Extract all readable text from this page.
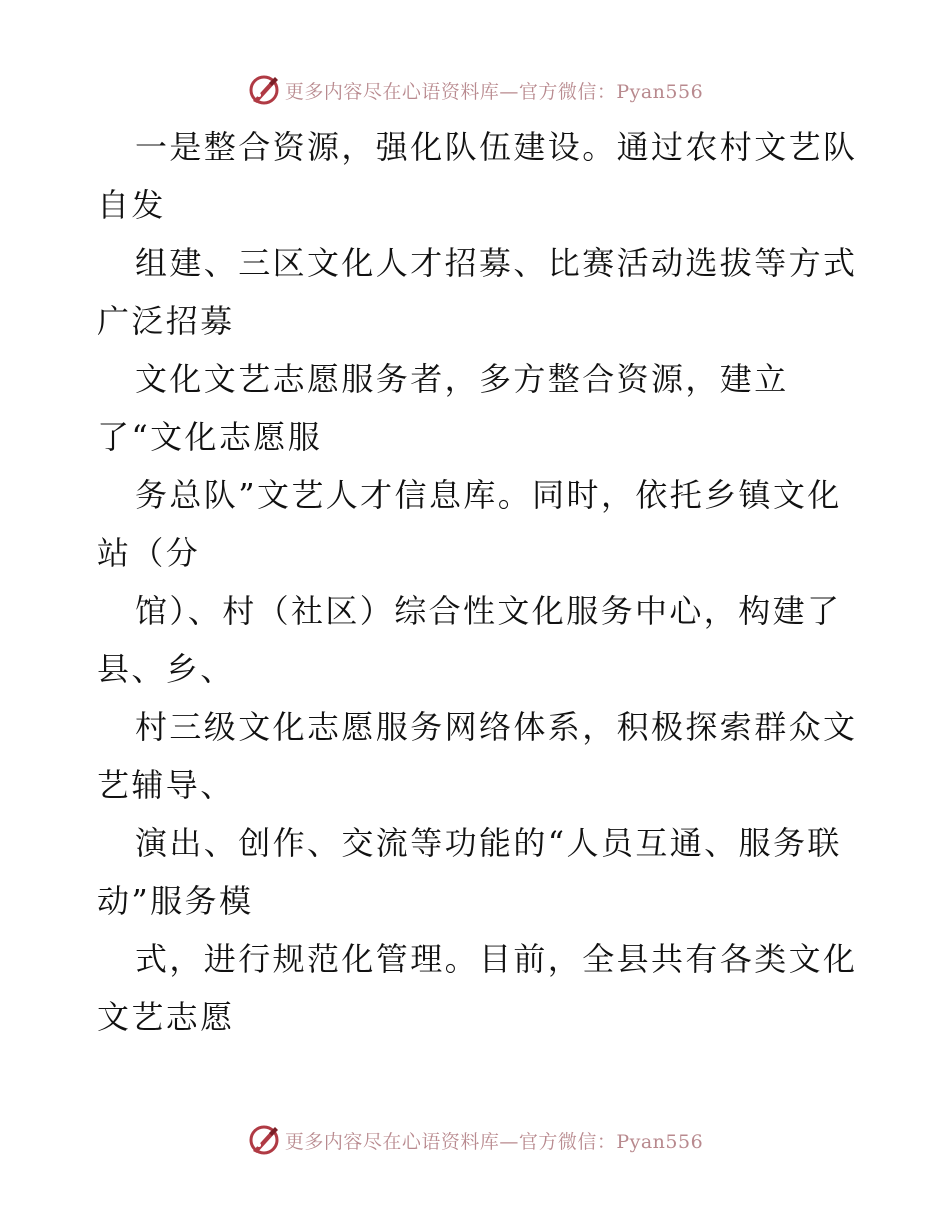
更多内容尽在心语资料库—官方微信：Pyan556
一是整合资源，强化队伍建设。通过农村文艺队
自发
组建、三区文化人才招募、比赛活动选拔等方式
广泛招募
文化文艺志愿服务者，多方整合资源，建立
了“文化志愿服
务总队”文艺人才信息库。同时，依托乡镇文化
站（分
馆）、村（社区）综合性文化服务中心，构建了
县、乡、
村三级文化志愿服务网络体系，积极探索群众文
艺辅导、
演出、创作、交流等功能的“人员互通、服务联
动”服务模
式，进行规范化管理。目前，全县共有各类文化
文艺志愿
更多内容尽在心语资料库—官方微信：Pyan556
